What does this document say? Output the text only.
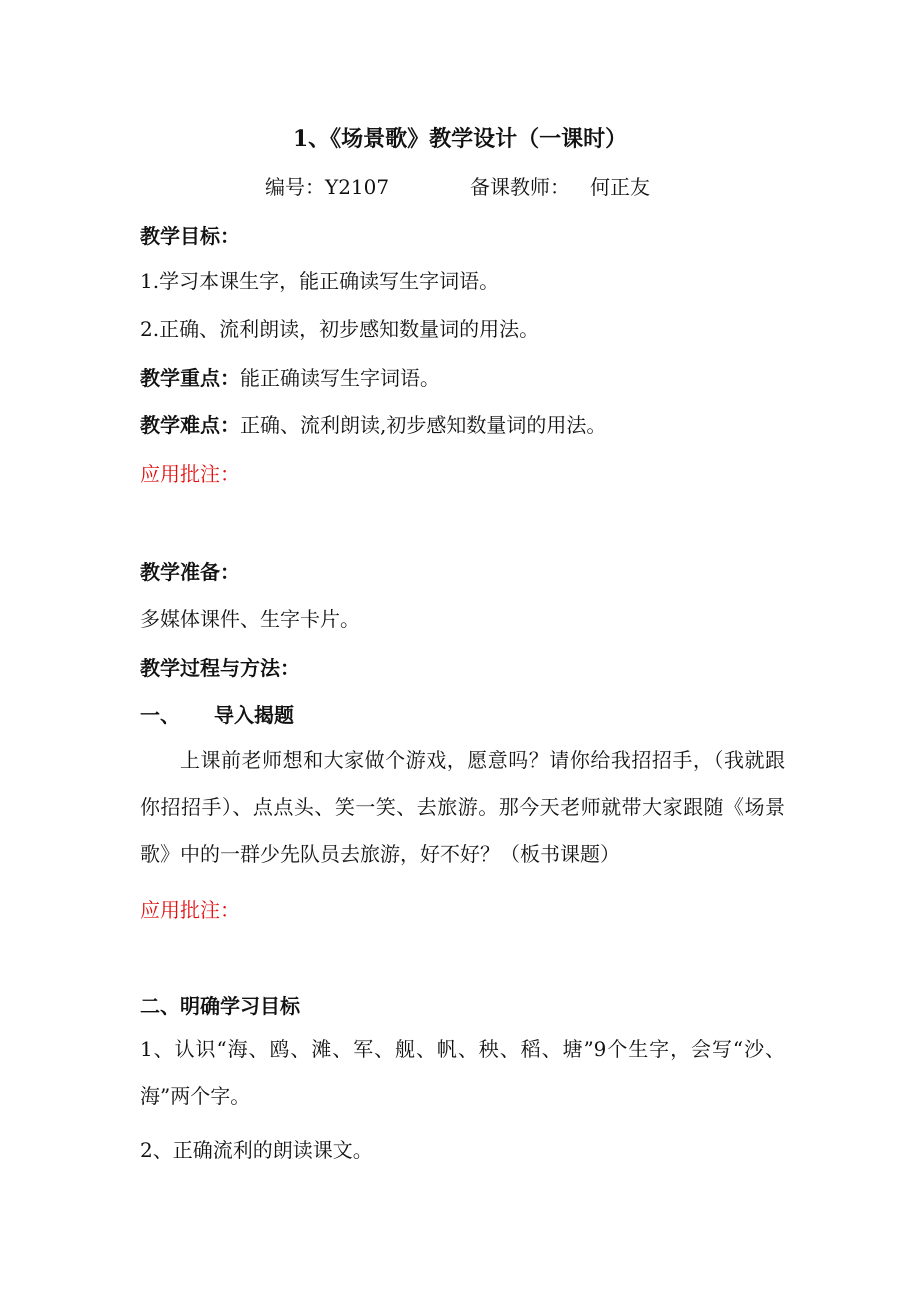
1、《场景歌》教学设计（一课时）
编号：Y2107	备课教师： 何正友
教学目标：
1.学习本课生字，能正确读写生字词语。
2.正确、流利朗读，初步感知数量词的用法。
教学重点：能正确读写生字词语。
教学难点：正确、流利朗读,初步感知数量词的用法。
应用批注：
教学准备：
多媒体课件、生字卡片。
教学过程与方法：
一、 导入揭题
上课前老师想和大家做个游戏，愿意吗？请你给我招招手，（我就跟你招招手）、点点头、笑一笑、去旅游。那今天老师就带大家跟随《场景歌》中的一群少先队员去旅游，好不好？（板书课题）
应用批注：
二、明确学习目标
1、认识“海、鸥、滩、军、舰、帆、秧、稻、塘”9个生字，会写“沙、海”两个字。
2、正确流利的朗读课文。
